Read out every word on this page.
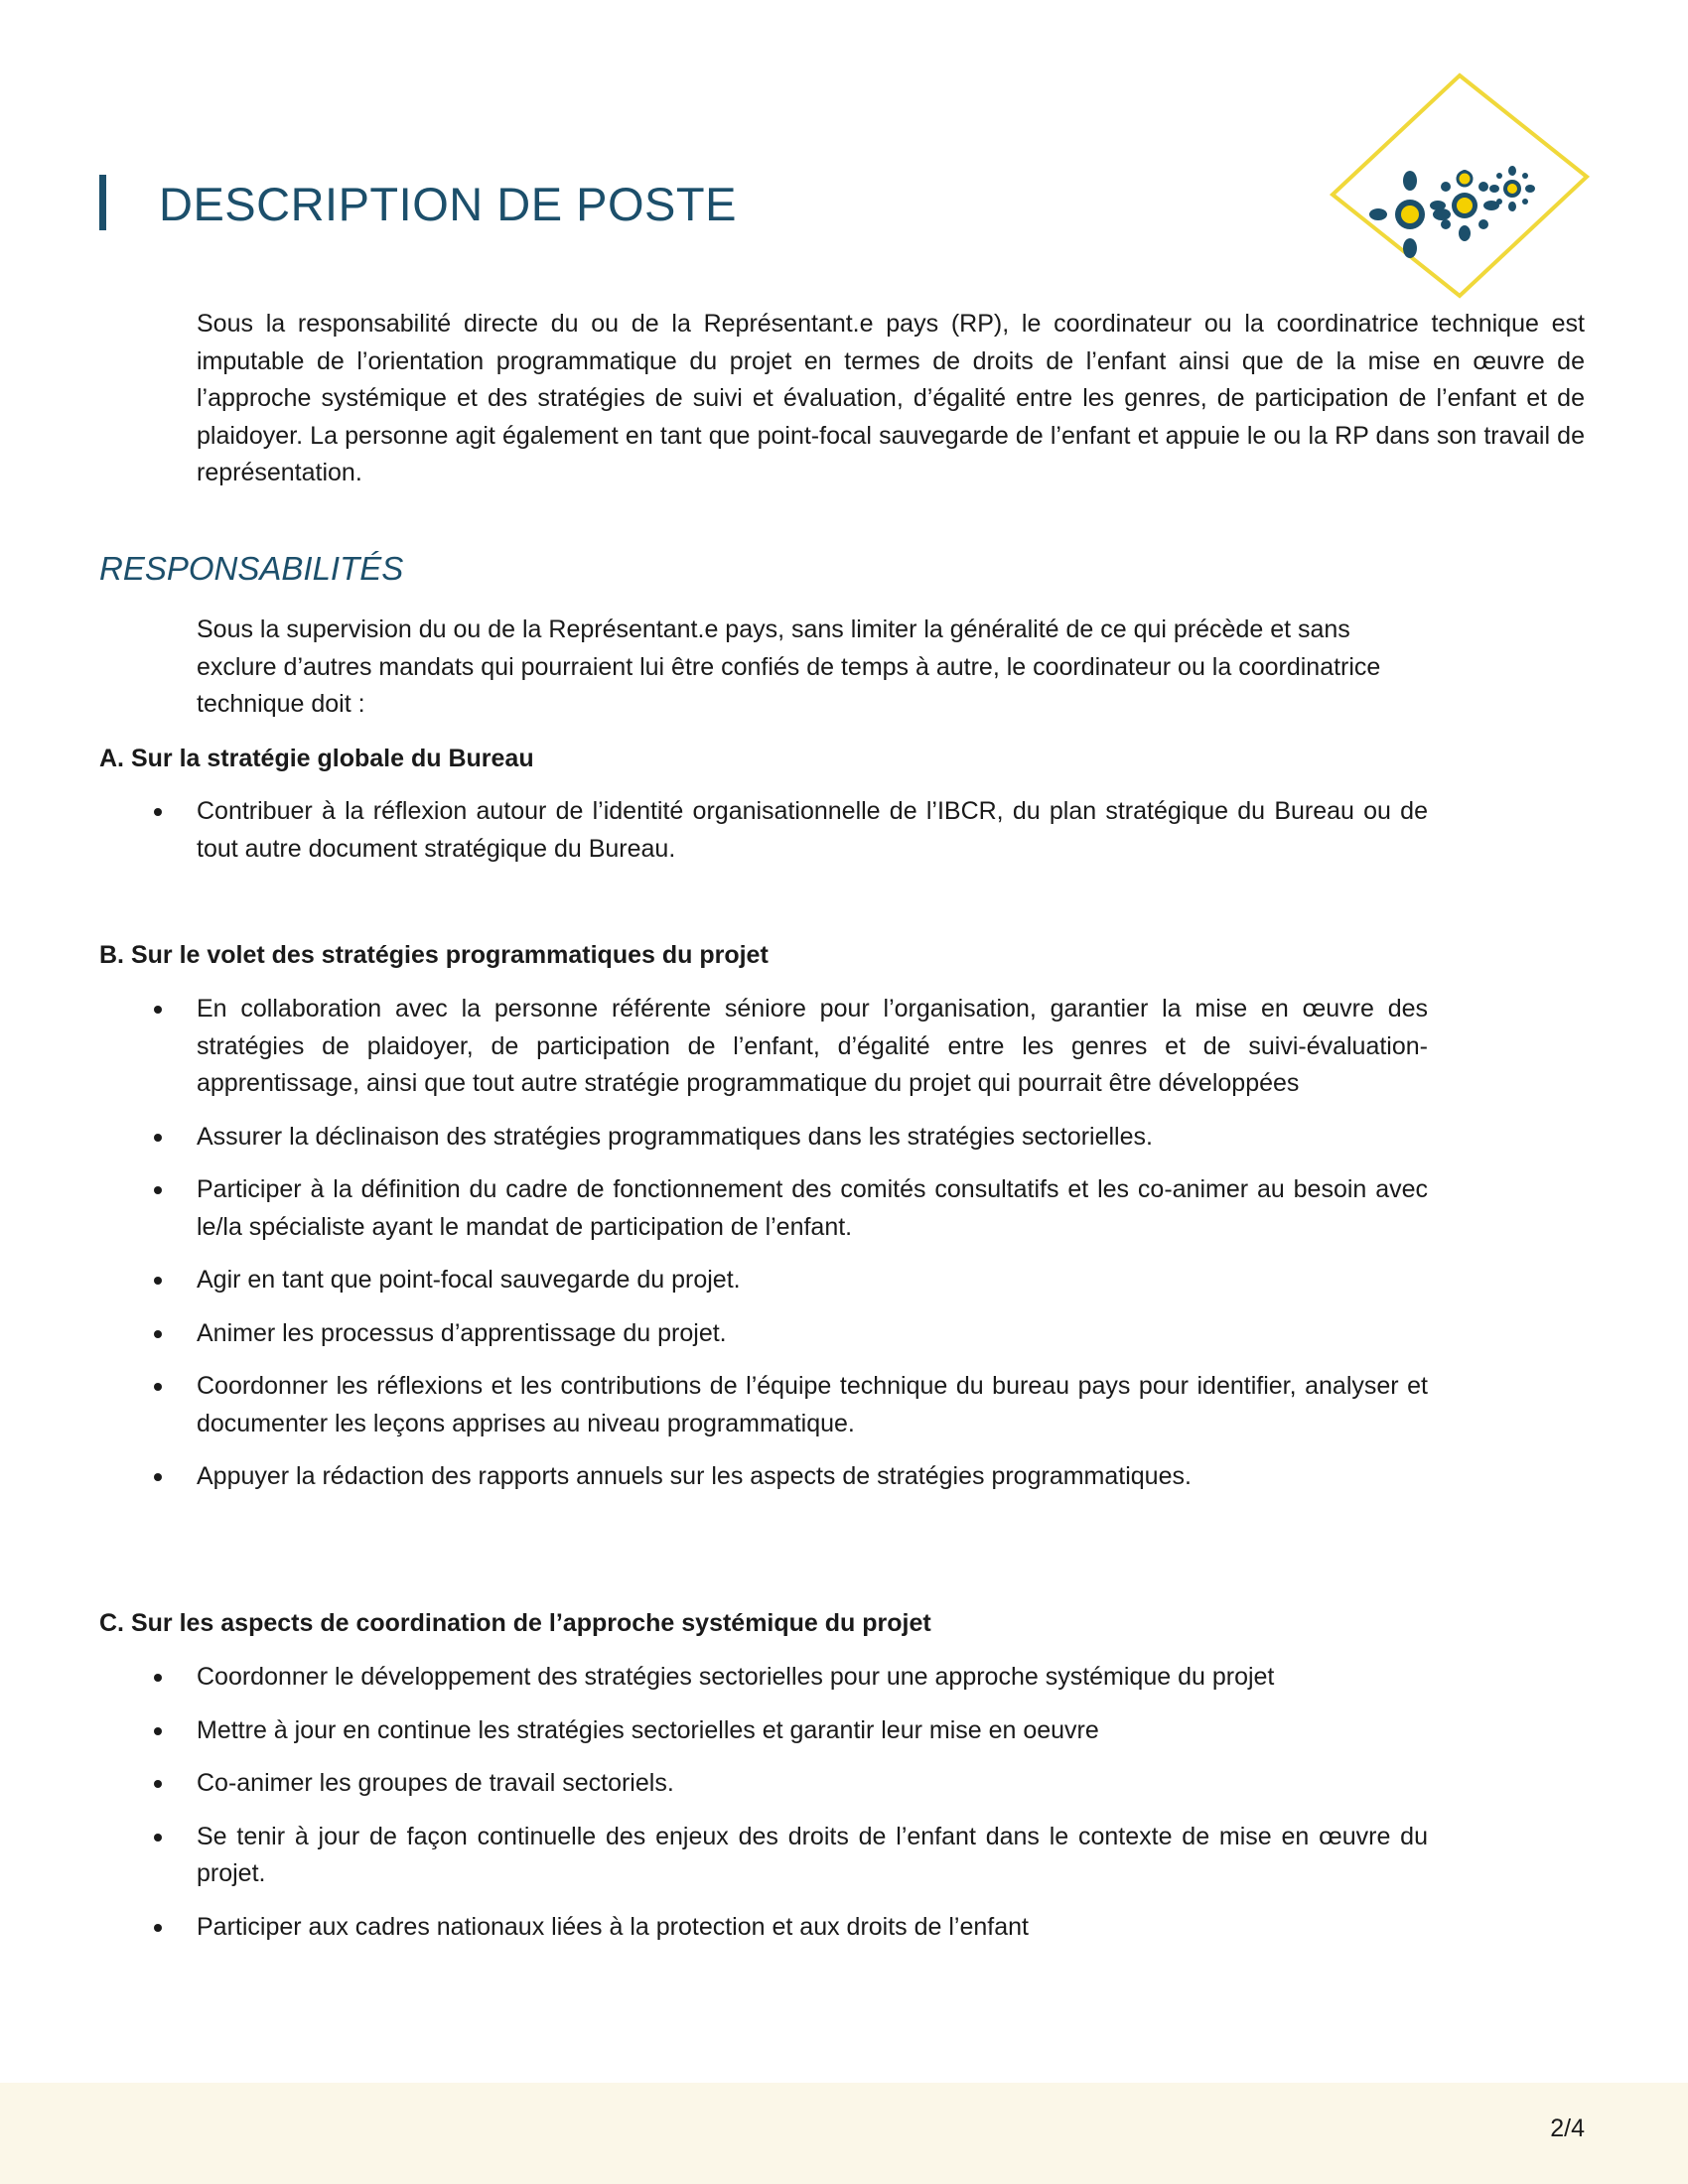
DESCRIPTION DE POSTE

Sous la responsabilité directe du ou de la Représentant.e pays (RP), le coordinateur ou la coordinatrice technique est imputable de l’orientation programmatique du projet en termes de droits de l’enfant ainsi que de la mise en œuvre de l’approche systémique et des stratégies de suivi et évaluation, d’égalité entre les genres, de participation de l’enfant et de plaidoyer. La personne agit également en tant que point-focal sauvegarde de l’enfant et appuie le ou la RP dans son travail de représentation.

RESPONSABILITÉS

Sous la supervision du ou de la Représentant.e pays, sans limiter la généralité de ce qui précède et sans exclure d’autres mandats qui pourraient lui être confiés de temps à autre, le coordinateur ou la coordinatrice technique doit :

A. Sur la stratégie globale du Bureau
Contribuer à la réflexion autour de l’identité organisationnelle de l’IBCR, du plan stratégique du Bureau ou de tout autre document stratégique du Bureau.
B. Sur le volet des stratégies programmatiques du projet
En collaboration avec la personne référente séniore pour l’organisation, garantier la mise en œuvre des stratégies de plaidoyer, de participation de l’enfant, d’égalité entre les genres et de suivi-évaluation-apprentissage, ainsi que tout autre stratégie programmatique du projet qui pourrait être développées
Assurer la déclinaison des stratégies programmatiques dans les stratégies sectorielles.
Participer à la définition du cadre de fonctionnement des comités consultatifs et les co-animer au besoin avec le/la spécialiste ayant le mandat de participation de l’enfant.
Agir en tant que point-focal sauvegarde du projet.
Animer les processus d’apprentissage du projet.
Coordonner les réflexions et les contributions de l’équipe technique du bureau pays pour identifier, analyser et documenter les leçons apprises au niveau programmatique.
Appuyer la rédaction des rapports annuels sur les aspects de stratégies programmatiques.
C. Sur les aspects de coordination de l’approche systémique du projet
Coordonner le développement des stratégies sectorielles pour une approche systémique du projet
Mettre à jour en continue les stratégies sectorielles et garantir leur mise en oeuvre
Co-animer les groupes de travail sectoriels.
Se tenir à jour de façon continuelle des enjeux des droits de l’enfant dans le contexte de mise en œuvre du projet.
Participer aux cadres nationaux liées à la protection et aux droits de l’enfant
2/4
